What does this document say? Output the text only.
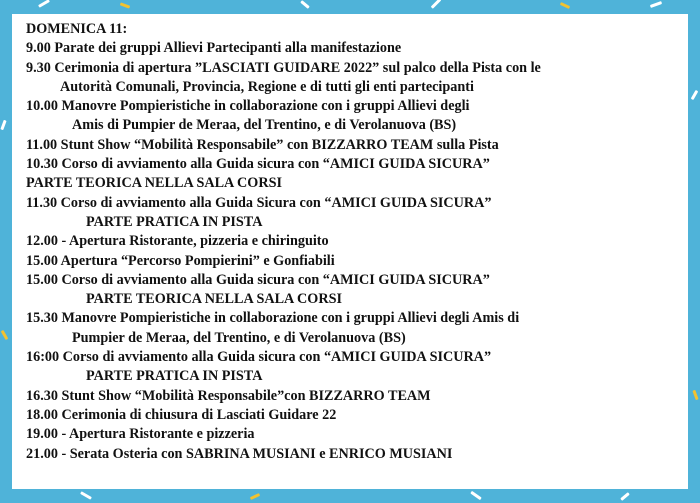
DOMENICA 11:

9.00 Parate dei gruppi Allievi Partecipanti alla manifestazione

9.30 Cerimonia di apertura ”LASCIATI GUIDARE 2022” sul palco della Pista con le

Autorità Comunali, Provincia, Regione e di tutti gli enti partecipanti

10.00 Manovre Pompieristiche in collaborazione con i gruppi Allievi degli

Amis di Pumpier de Meraa, del Trentino, e di Verolanuova (BS)

11.00 Stunt Show “Mobilità Responsabile” con BIZZARRO TEAM sulla Pista

10.30 Corso di avviamento alla Guida sicura con “AMICI GUIDA SICURA”

PARTE TEORICA NELLA SALA CORSI

11.30 Corso di avviamento alla Guida Sicura con “AMICI GUIDA SICURA”

PARTE PRATICA IN PISTA

12.00 - Apertura Ristorante, pizzeria e chiringuito

15.00 Apertura “Percorso Pompierini” e Gonfiabili

15.00 Corso di avviamento alla Guida sicura con “AMICI GUIDA SICURA”

PARTE TEORICA NELLA SALA CORSI

15.30 Manovre Pompieristiche in collaborazione con i gruppi Allievi degli Amis di

Pumpier de Meraa, del Trentino, e di Verolanuova (BS)

16:00 Corso di avviamento alla Guida sicura con “AMICI GUIDA SICURA”

PARTE PRATICA IN PISTA

16.30 Stunt Show “Mobilità Responsabile”con BIZZARRO TEAM

18.00 Cerimonia di chiusura di Lasciati Guidare 22

19.00 - Apertura Ristorante e pizzeria

21.00 - Serata Osteria con SABRINA MUSIANI e ENRICO MUSIANI
